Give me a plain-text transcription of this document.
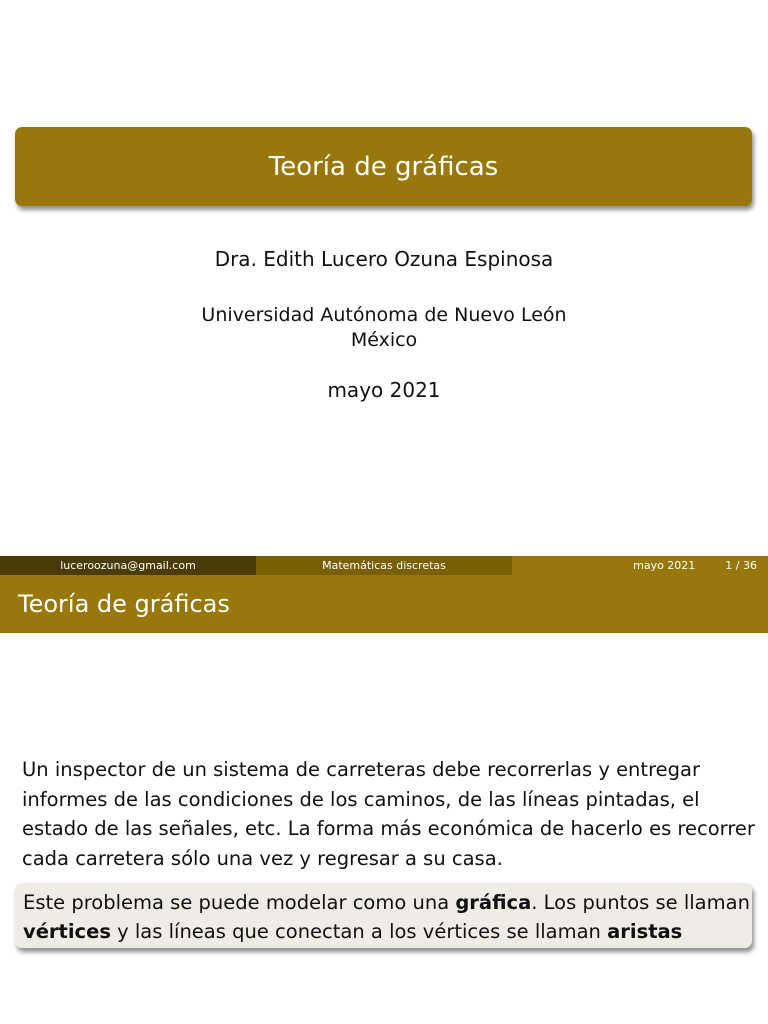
Teoría de gráficas
Dra. Edith Lucero Ozuna Espinosa
Universidad Autónoma de Nuevo León
México
mayo 2021
luceroozuna@gmail.com	Matemáticas discretas	mayo 2021	1 / 36
Teoría de gráficas
Un inspector de un sistema de carreteras debe recorrerlas y entregar
informes de las condiciones de los caminos, de las líneas pintadas, el
estado de las señales, etc. La forma más económica de hacerlo es recorrer
cada carretera sólo una vez y regresar a su casa.
Este problema se puede modelar como una gráfica. Los puntos se llaman
vértices y las líneas que conectan a los vértices se llaman aristas
